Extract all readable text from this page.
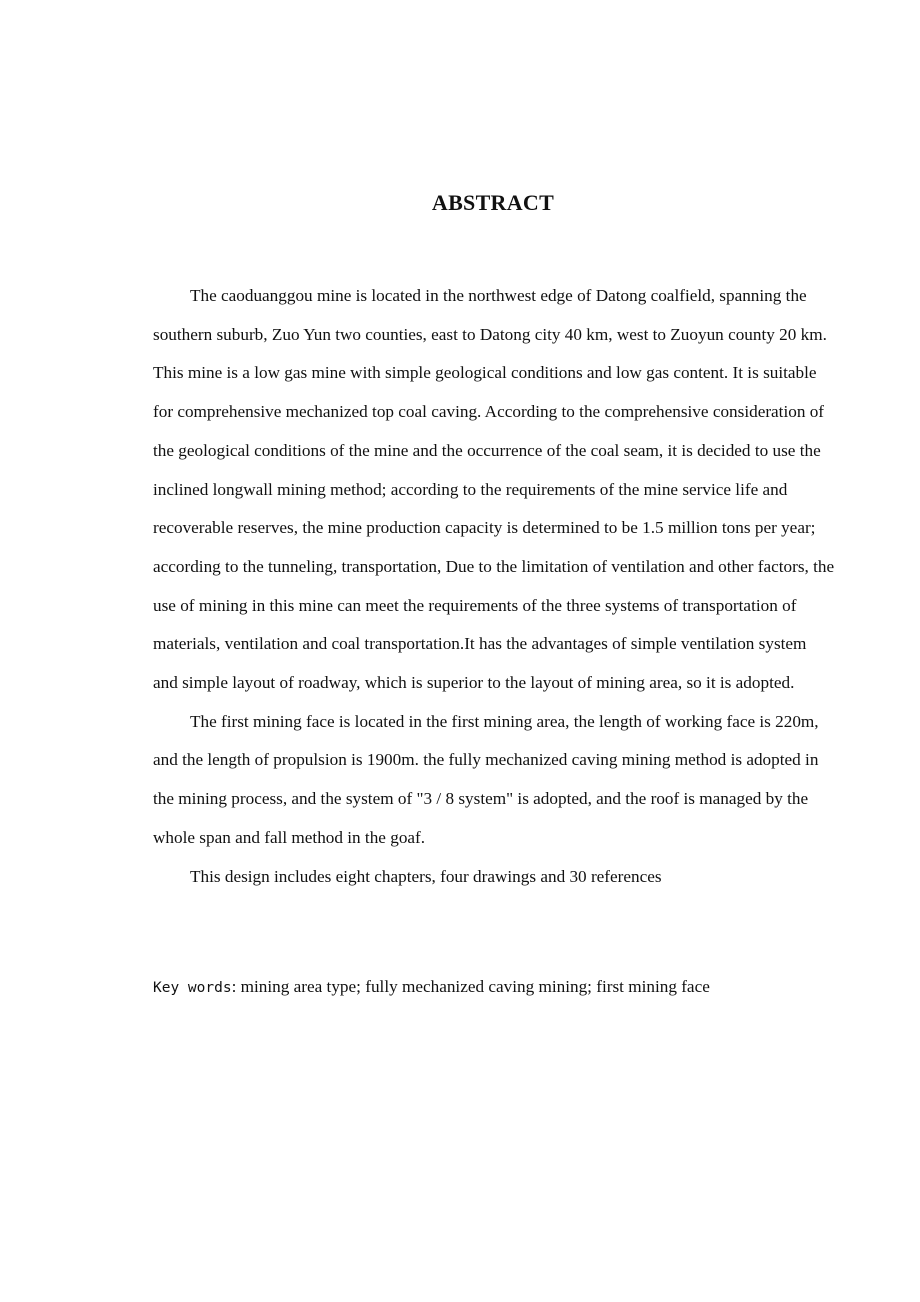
ABSTRACT

The caoduanggou mine is located in the northwest edge of Datong coalfield, spanning the southern suburb, Zuo Yun two counties, east to Datong city 40 km, west to Zuoyun county 20 km. This mine is a low gas mine with simple geological conditions and low gas content. It is suitable for comprehensive mechanized top coal caving. According to the comprehensive consideration of the geological conditions of the mine and the occurrence of the coal seam, it is decided to use the inclined longwall mining method; according to the requirements of the mine service life and recoverable reserves, the mine production capacity is determined to be 1.5 million tons per year; according to the tunneling, transportation, Due to the limitation of ventilation and other factors, the use of mining in this mine can meet the requirements of the three systems of transportation of materials, ventilation and coal transportation.It has the advantages of simple ventilation system and simple layout of roadway, which is superior to the layout of mining area, so it is adopted.

The first mining face is located in the first mining area, the length of working face is 220m, and the length of propulsion is 1900m. the fully mechanized caving mining method is adopted in the mining process, and the system of "3 / 8 system" is adopted, and the roof is managed by the whole span and fall method in the goaf.

This design includes eight chapters, four drawings and 30 references

Key words: mining area type; fully mechanized caving mining; first mining face
